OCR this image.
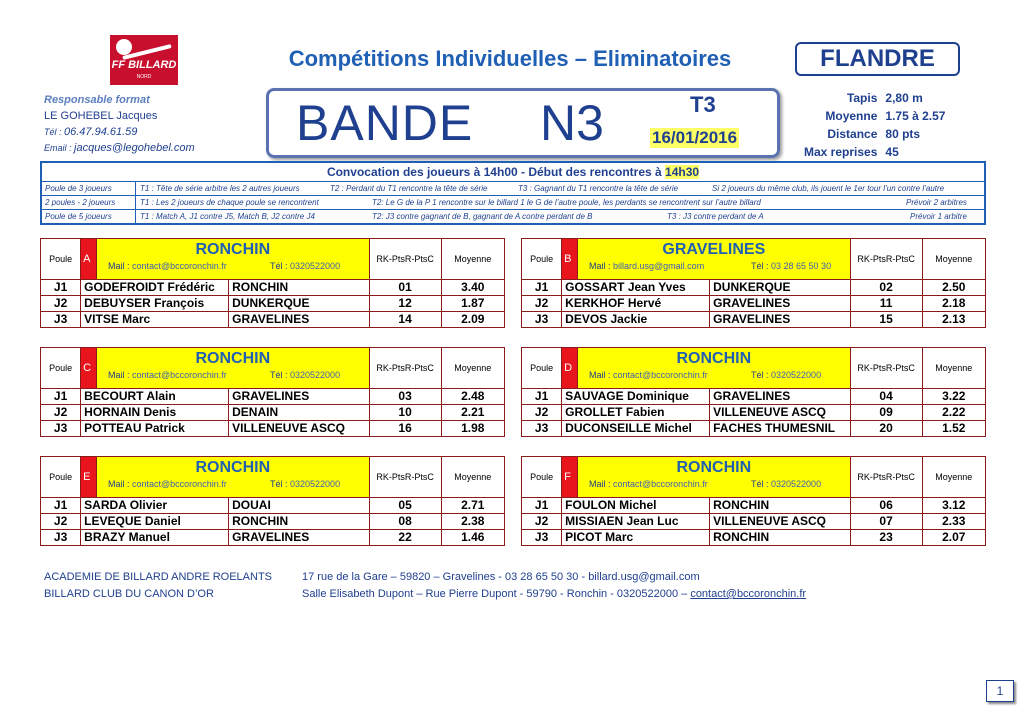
FF BILLARD
NORD
Compétitions Individuelles – Eliminatoires	FLANDRE
Responsable format
LE GOHEBEL Jacques
Tél : 06.47.94.61.59
Email : jacques@legohebel.com BANDE N3	T3
16/01/2016
Tapis	2,80 m
Moyenne	1.75 à 2.57
Distance	80 pts
Max reprises	45
Convocation des joueurs à 14h00 - Début des rencontres à 14h30
Poule de 3 joueurs	T1 : Tête de série arbitre les 2 autres joueurs	T2 : Perdant du T1 rencontre la tête de série	T3 : Gagnant du T1 rencontre la tête de série	Si 2 joueurs du même club, ils jouent le 1er tour l’un contre l’autre
2 poules - 2 joueurs	T1 : Les 2 joueurs de chaque poule se rencontrent	T2: Le G de la P 1 rencontre sur le billard 1 le G de l’autre poule, les perdants se rencontrent sur l’autre billard	Prévoir 2 arbitres
Poule de 5 joueurs	T1 : Match A, J1 contre J5, Match B, J2 contre J4	T2: J3 contre gagnant de B, gagnant de A contre perdant de B	T3 : J3 contre perdant de A	Prévoir 1 arbitre
Poule	A	RONCHIN
Mail : contact@bccoronchin.fr Tél : 0320522000		RK-PtsR-PtsC	Moyenne
J1	GODEFROIDT Frédéric		RONCHIN	01	3.40
J2	DEBUYSER François		DUNKERQUE	12	1.87
J3	VITSE Marc		GRAVELINES	14	2.09
Poule	B	GRAVELINES
Mail : billard.usg@gmail.com Tél : 03 28 65 50 30		RK-PtsR-PtsC	Moyenne
J1	GOSSART Jean Yves		DUNKERQUE	02	2.50
J2	KERKHOF Hervé		GRAVELINES	11	2.18
J3	DEVOS Jackie		GRAVELINES	15	2.13
Poule	C	RONCHIN
Mail : contact@bccoronchin.fr Tél : 0320522000		RK-PtsR-PtsC	Moyenne
J1	BECOURT Alain		GRAVELINES	03	2.48
J2	HORNAIN Denis		DENAIN	10	2.21
J3	POTTEAU Patrick		VILLENEUVE ASCQ	16	1.98
Poule	D	RONCHIN
Mail : contact@bccoronchin.fr Tél : 0320522000		RK-PtsR-PtsC	Moyenne
J1	SAUVAGE Dominique		GRAVELINES	04	3.22
J2	GROLLET Fabien		VILLENEUVE ASCQ	09	2.22
J3	DUCONSEILLE Michel		FACHES THUMESNIL	20	1.52
Poule	E	RONCHIN
Mail : contact@bccoronchin.fr Tél : 0320522000		RK-PtsR-PtsC	Moyenne
J1	SARDA Olivier		DOUAI	05	2.71
J2	LEVEQUE Daniel		RONCHIN	08	2.38
J3	BRAZY Manuel		GRAVELINES	22	1.46
Poule	F	RONCHIN
Mail : contact@bccoronchin.fr Tél : 0320522000		RK-PtsR-PtsC	Moyenne
J1	FOULON Michel		RONCHIN	06	3.12
J2	MISSIAEN Jean Luc		VILLENEUVE ASCQ	07	2.33
J3	PICOT Marc		RONCHIN	23	2.07
ACADEMIE DE BILLARD ANDRE ROELANTS	17 rue de la Gare – 59820 – Gravelines - 03 28 65 50 30 - billard.usg@gmail.com
BILLARD CLUB DU CANON D’OR	Salle Elisabeth Dupont – Rue Pierre Dupont - 59790 - Ronchin - 0320522000 – contact@bccoronchin.fr
1
